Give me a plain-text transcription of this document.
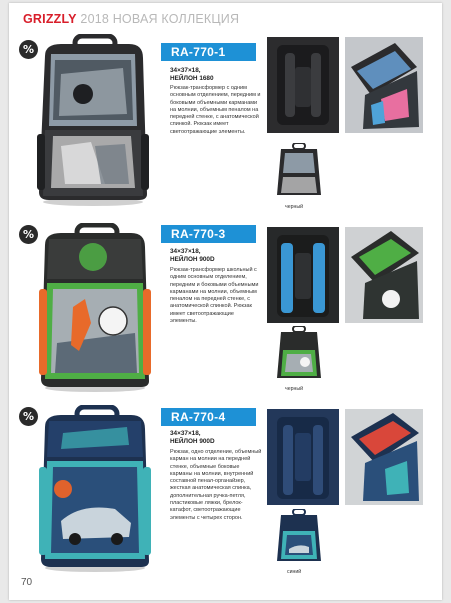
GRIZZLY 2018 НОВАЯ КОЛЛЕКЦИЯ
%	RA-770-1
34×37×18,
НЕЙЛОН 1680
Рюкзак-трансформер с одним основным отделением, передним и боковыми объемными карманами на молнии, объемным пеналом на передней стенке, с анатомической спинкой. Рюкзак имеет светоотражающие элементы.
черный
%	RA-770-3
34×37×18,
НЕЙЛОН 900D
Рюкзак-трансформер школьный с одним основным отделением, передним и боковыми объемными карманами на молнии, объемным пеналом на передней стенке, с анатомической спинкой. Рюкзак имеет светоотражающие элементы.
черный
%	RA-770-4
34×37×18,
НЕЙЛОН 900D
Рюкзак, одно отделение, объемный карман на молнии на передней стенке, объемные боковые карманы на молнии, внутренний составной пенал-органайзер, жесткая анатомическая спинка, дополнительная ручка-петля, пластиковые ляжки, брелок-катафот, светоотражающие элементы с четырех сторон.
синий
70
